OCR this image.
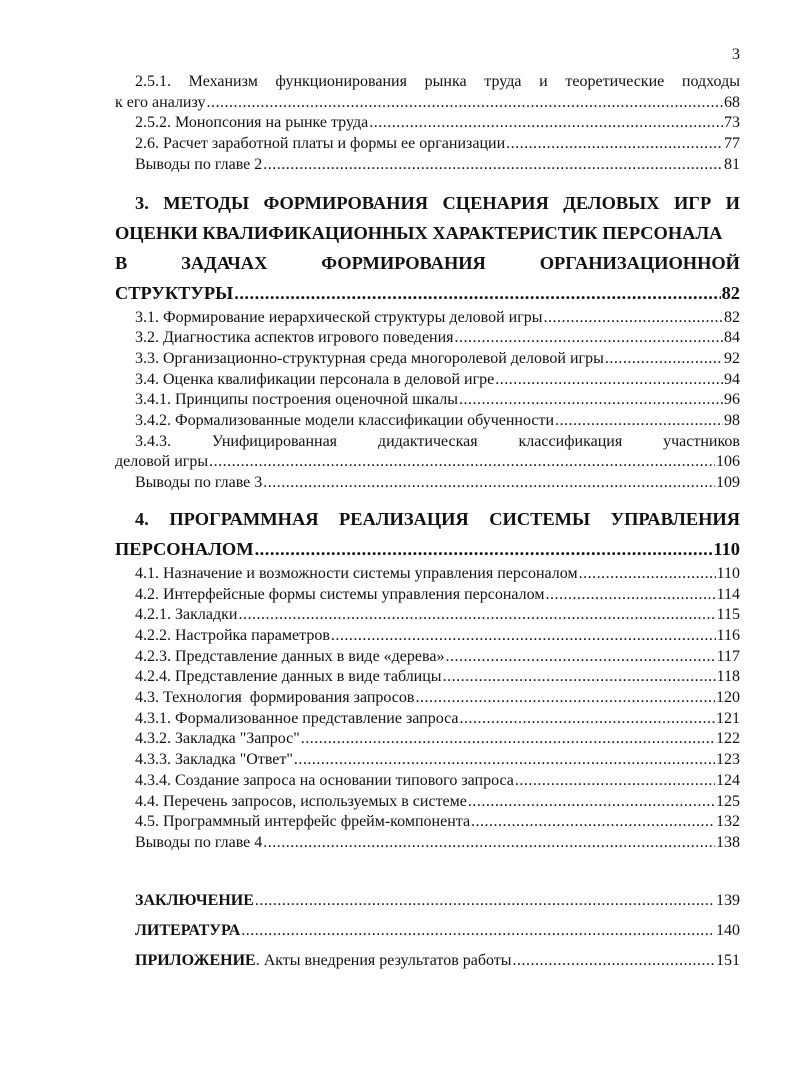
3
2.5.1. Механизм функционирования рынка труда и теоретические подходы
к его анализу .....	68
2.5.2. Монопсония на рынке труда .....	73
2.6. Расчет заработной платы и формы ее организации .....	77
Выводы по главе 2 .....	81
3. МЕТОДЫ ФОРМИРОВАНИЯ СЦЕНАРИЯ ДЕЛОВЫХ ИГР И
ОЦЕНКИ КВАЛИФИКАЦИОННЫХ ХАРАКТЕРИСТИК ПЕРСОНАЛА
В	ЗАДАЧАХ	ФОРМИРОВАНИЯ	ОРГАНИЗАЦИОННОЙ
СТРУКТУРЫ .....	82
3.1. Формирование иерархической структуры деловой игры .....	82
3.2. Диагностика аспектов игрового поведения .....	84
3.3. Организационно-структурная среда многоролевой деловой игры .....	92
3.4. Оценка квалификации персонала в деловой игре .....	94
3.4.1. Принципы построения оценочной шкалы .....	96
3.4.2. Формализованные модели классификации обученности .....	98
3.4.3.	Унифицированная	дидактическая	классификация	участников
деловой игры .....	106
Выводы по главе 3 .....	109
4. ПРОГРАММНАЯ РЕАЛИЗАЦИЯ СИСТЕМЫ УПРАВЛЕНИЯ
ПЕРСОНАЛОМ .....	110
4.1. Назначение и возможности системы управления персоналом .....	110
4.2. Интерфейсные формы системы управления персоналом .....	114
4.2.1. Закладки .....	115
4.2.2. Настройка параметров .....	116
4.2.3. Представление данных в виде «дерева» .....	117
4.2.4. Представление данных в виде таблицы .....	118
4.3. Технология  формирования запросов .....	120
4.3.1. Формализованное представление запроса .....	121
4.3.2. Закладка "Запрос" .....	122
4.3.3. Закладка "Ответ" .....	123
4.3.4. Создание запроса на основании типового запроса .....	124
4.4. Перечень запросов, используемых в системе .....	125
4.5. Программный интерфейс фрейм-компонента .....	132
Выводы по главе 4 .....	138
ЗАКЛЮЧЕНИЕ .....	139
ЛИТЕРАТУРА .....	140
ПРИЛОЖЕНИЕ . Акты внедрения результатов работы .....	151
